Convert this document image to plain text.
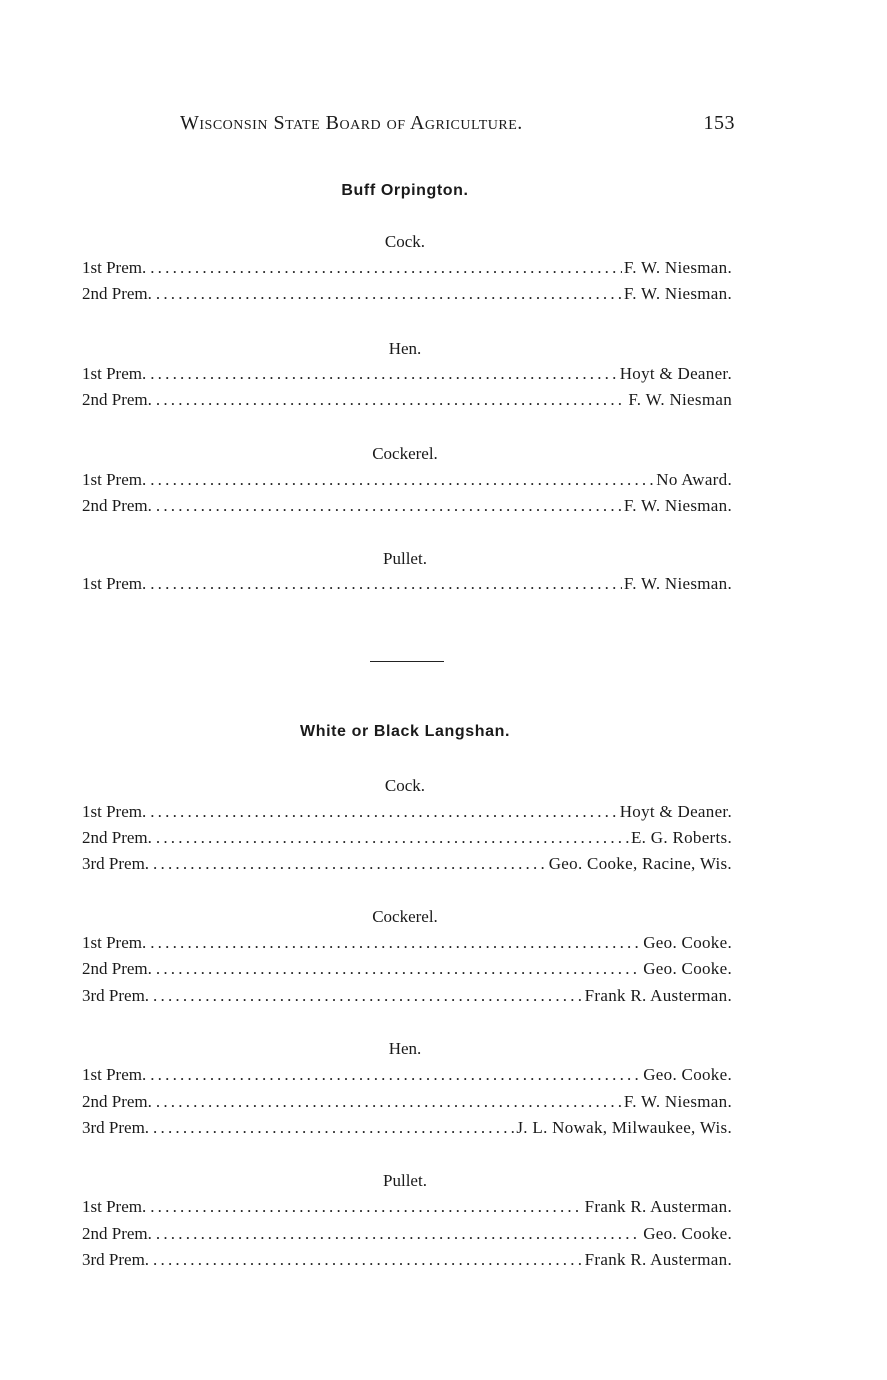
Wisconsin State Board of Agriculture.	153
Buff Orpington.
Cock.
1st Prem. .....	F. W. Niesman.
2nd Prem. .....	F. W. Niesman.
Hen.
1st Prem. .....	Hoyt & Deaner.
2nd Prem. .....	F. W. Niesman
Cockerel.
1st Prem. .....	No Award.
2nd Prem. .....	F. W. Niesman.
Pullet.
1st Prem. .....	F. W. Niesman.
White or Black Langshan.
Cock.
1st Prem. .....	Hoyt & Deaner.
2nd Prem. .....	E. G. Roberts.
3rd Prem. .....	Geo. Cooke, Racine, Wis.
Cockerel.
1st Prem. .....	Geo. Cooke.
2nd Prem. .....	Geo. Cooke.
3rd Prem. .....	Frank R. Austerman.
Hen.
1st Prem. .....	Geo. Cooke.
2nd Prem. .....	F. W. Niesman.
3rd Prem. .....	J. L. Nowak, Milwaukee, Wis.
Pullet.
1st Prem. .....	Frank R. Austerman.
2nd Prem. .....	Geo. Cooke.
3rd Prem. .....	Frank R. Austerman.
